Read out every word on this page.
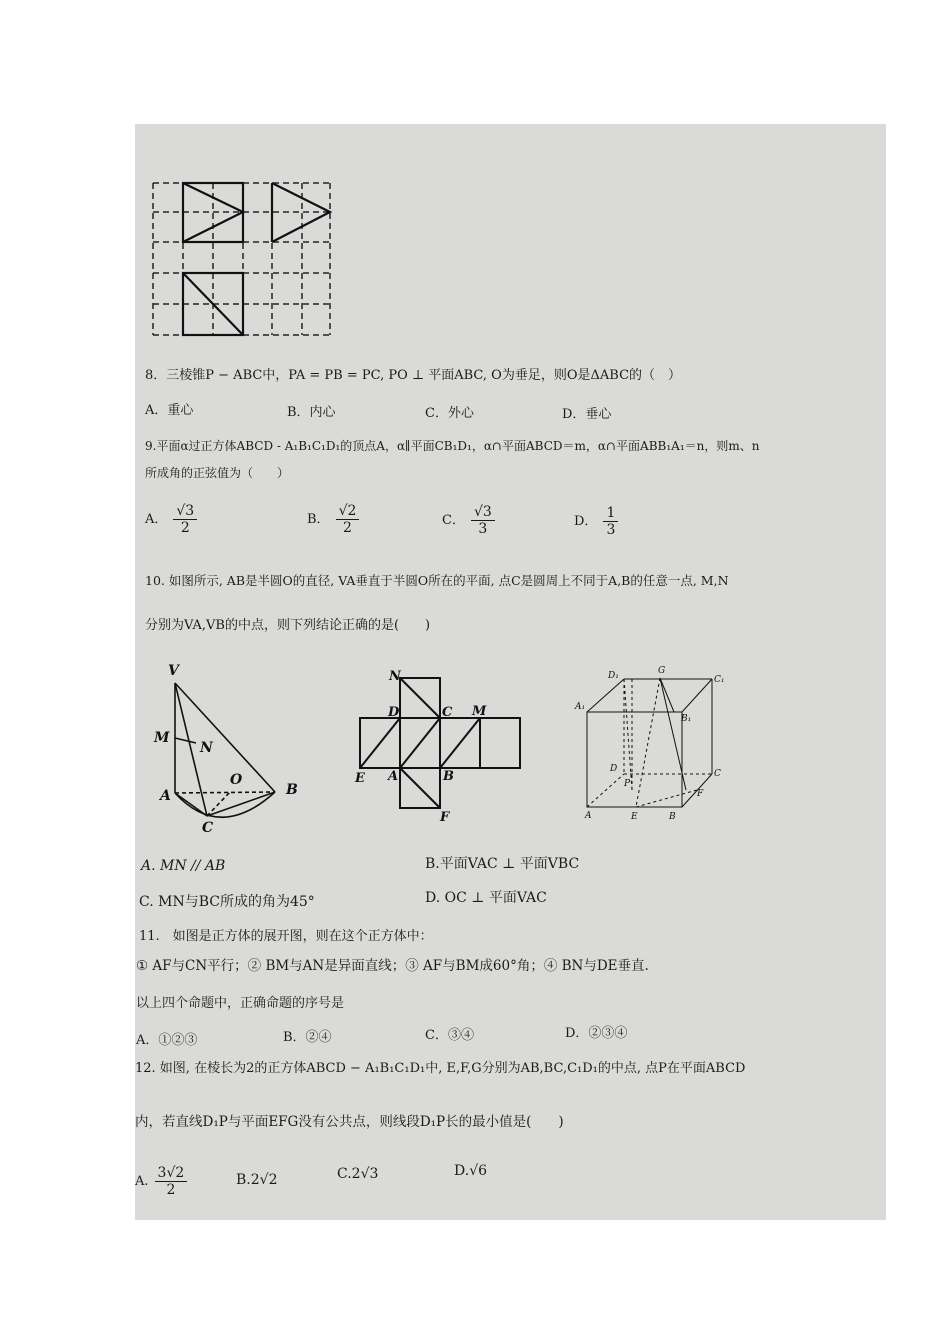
8．三棱锥P − ABC中，PA = PB = PC, PO ⊥ 平面ABC, O为垂足，则O是ΔABC的（　）
A．重心	B．内心	C．外心	D．垂心
9.平面α过正方体ABCD - A₁B₁C₁D₁的顶点A，α∥平面CB₁D₁，α∩平面ABCD＝m，α∩平面ABB₁A₁＝n，则m、n
所成角的正弦值为（　　）
A． $\frac{√3}{2}$	B． $\frac{√2}{2}$	C． $\frac{√3}{3}$	D． $\frac{1}{3}$
10. 如图所示, AB是半圆O的直径, VA垂直于半圆O所在的平面, 点C是圆周上不同于A,B的任意一点, M,N
分别为VA,VB的中点，则下列结论正确的是(　　)
V
M
N
O
A	B
C
N
D	C M
E A	B
F
D₁	G
C₁
A₁
B₁
D	C
P
F
A	E	B
A. MN // AB	B.平面VAC ⊥ 平面VBC
C. MN与BC所成的角为45°	D. OC ⊥ 平面VAC
11.　如图是正方体的展开图，则在这个正方体中：
① AF与CN平行；② BM与AN是异面直线；③ AF与BM成60°角；④ BN与DE垂直.
以上四个命题中，正确命题的序号是
A．①②③	B．②④	C．③④	D．②③④
12. 如图, 在棱长为2的正方体ABCD − A₁B₁C₁D₁中, E,F,G分别为AB,BC,C₁D₁的中点, 点P在平面ABCD
内，若直线D₁P与平面EFG没有公共点，则线段D₁P长的最小值是(　　)
A. $\frac{3√2}{2}$	B.2√2	C.2√3	D.√6
